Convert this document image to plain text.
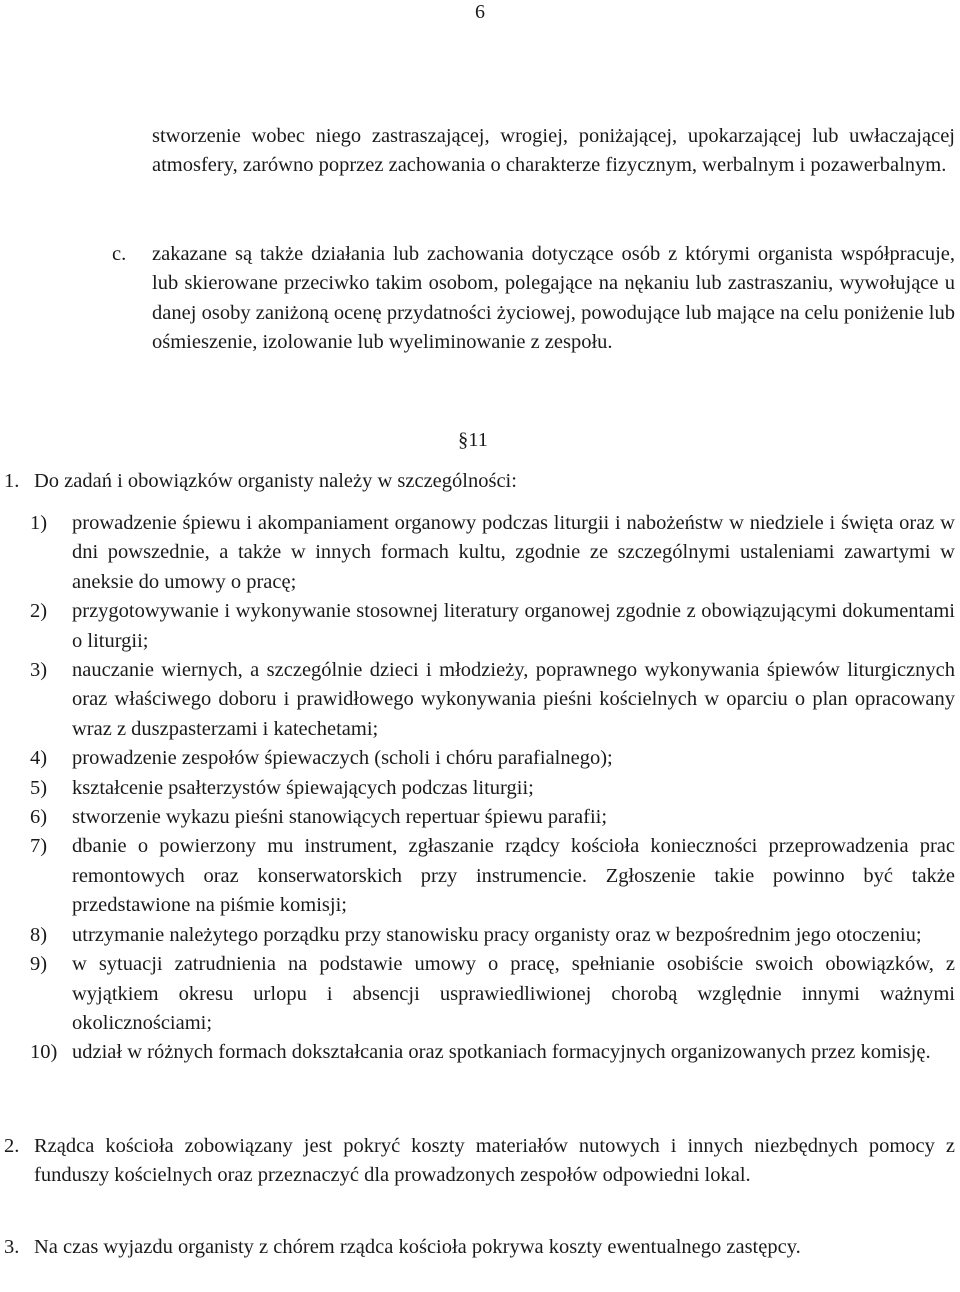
6
stworzenie wobec niego zastraszającej, wrogiej, poniżającej, upokarzającej lub uwłaczającej atmosfery, zarówno poprzez zachowania o charakterze fizycznym, werbalnym i pozawerbalnym.
c. zakazane są także działania lub zachowania dotyczące osób z którymi organista współpracuje, lub skierowane przeciwko takim osobom, polegające na nękaniu lub zastraszaniu, wywołujące u danej osoby zaniżoną ocenę przydatności życiowej, powodujące lub mające na celu poniżenie lub ośmieszenie, izolowanie lub wyeliminowanie z zespołu.
§11
1. Do zadań i obowiązków organisty należy w szczególności:
1) prowadzenie śpiewu i akompaniament organowy podczas liturgii i nabożeństw w niedziele i święta oraz w dni powszednie, a także w innych formach kultu, zgodnie ze szczególnymi ustaleniami zawartymi w aneksie do umowy o pracę;
2) przygotowywanie i wykonywanie stosownej literatury organowej zgodnie z obowiązującymi dokumentami o liturgii;
3) nauczanie wiernych, a szczególnie dzieci i młodzieży, poprawnego wykonywania śpiewów liturgicznych oraz właściwego doboru i prawidłowego wykonywania pieśni kościelnych w oparciu o plan opracowany wraz z duszpasterzami i katechetami;
4) prowadzenie zespołów śpiewaczych (scholi i chóru parafialnego);
5) kształcenie psałterzystów śpiewających podczas liturgii;
6) stworzenie wykazu pieśni stanowiących repertuar śpiewu parafii;
7) dbanie o powierzony mu instrument, zgłaszanie rządcy kościoła konieczności przeprowadzenia prac remontowych oraz konserwatorskich przy instrumencie. Zgłoszenie takie powinno być także przedstawione na piśmie komisji;
8) utrzymanie należytego porządku przy stanowisku pracy organisty oraz w bezpośrednim jego otoczeniu;
9) w sytuacji zatrudnienia na podstawie umowy o pracę, spełnianie osobiście swoich obowiązków, z wyjątkiem okresu urlopu i absencji usprawiedliwionej chorobą względnie innymi ważnymi okolicznościami;
10) udział w różnych formach dokształcania oraz spotkaniach formacyjnych organizowanych przez komisję.
2. Rządca kościoła zobowiązany jest pokryć koszty materiałów nutowych i innych niezbędnych pomocy z funduszy kościelnych oraz przeznaczyć dla prowadzonych zespołów odpowiedni lokal.
3. Na czas wyjazdu organisty z chórem rządca kościoła pokrywa koszty ewentualnego zastępcy.
